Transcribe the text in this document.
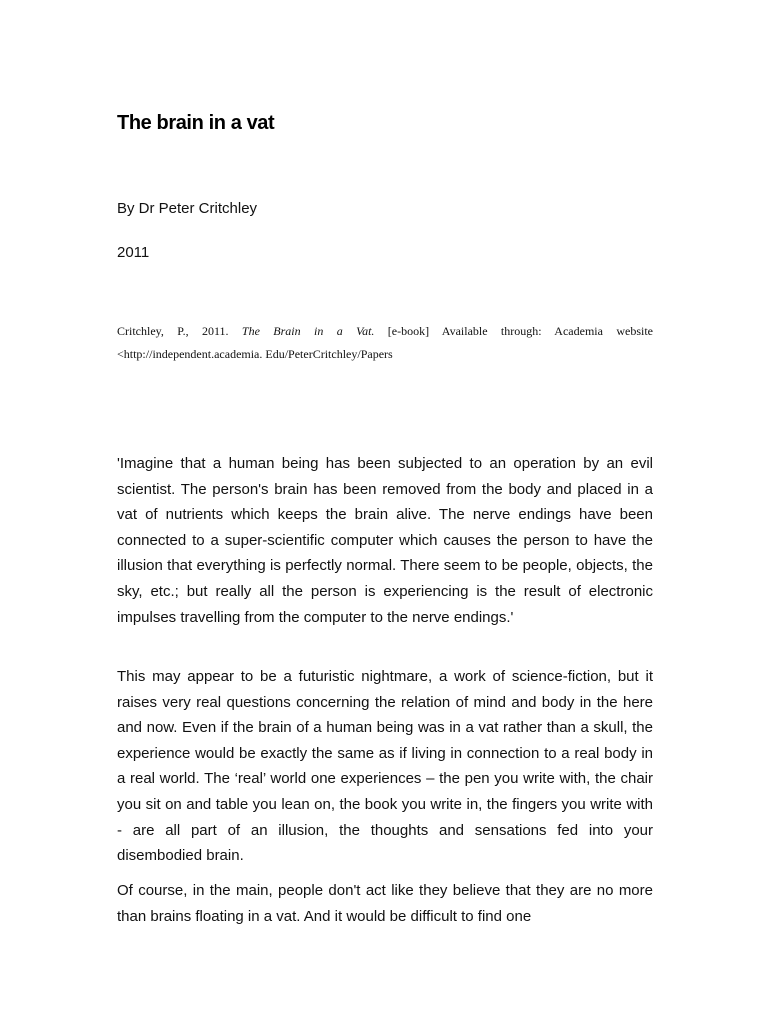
The brain in a vat

By Dr Peter Critchley

2011

Critchley, P., 2011. The Brain in a Vat. [e-book] Available through: Academia website
<http://independent.academia. Edu/PeterCritchley/Papers

'Imagine that a human being has been subjected to an operation by an evil scientist. The person's brain has been removed from the body and placed in a vat of nutrients which keeps the brain alive. The nerve endings have been connected to a super-scientific computer which causes the person to have the illusion that everything is perfectly normal. There seem to be people, objects, the sky, etc.; but really all the person is experiencing is the result of electronic impulses travelling from the computer to the nerve endings.'

This may appear to be a futuristic nightmare, a work of science-fiction, but it raises very real questions concerning the relation of mind and body in the here and now. Even if the brain of a human being was in a vat rather than a skull, the experience would be exactly the same as if living in connection to a real body in a real world. The ‘real’ world one experiences – the pen you write with, the chair you sit on and table you lean on, the book you write in, the fingers you write with - are all part of an illusion, the thoughts and sensations fed into your disembodied brain.

Of course, in the main, people don't act like they believe that they are no more than brains floating in a vat. And it would be difficult to find one
